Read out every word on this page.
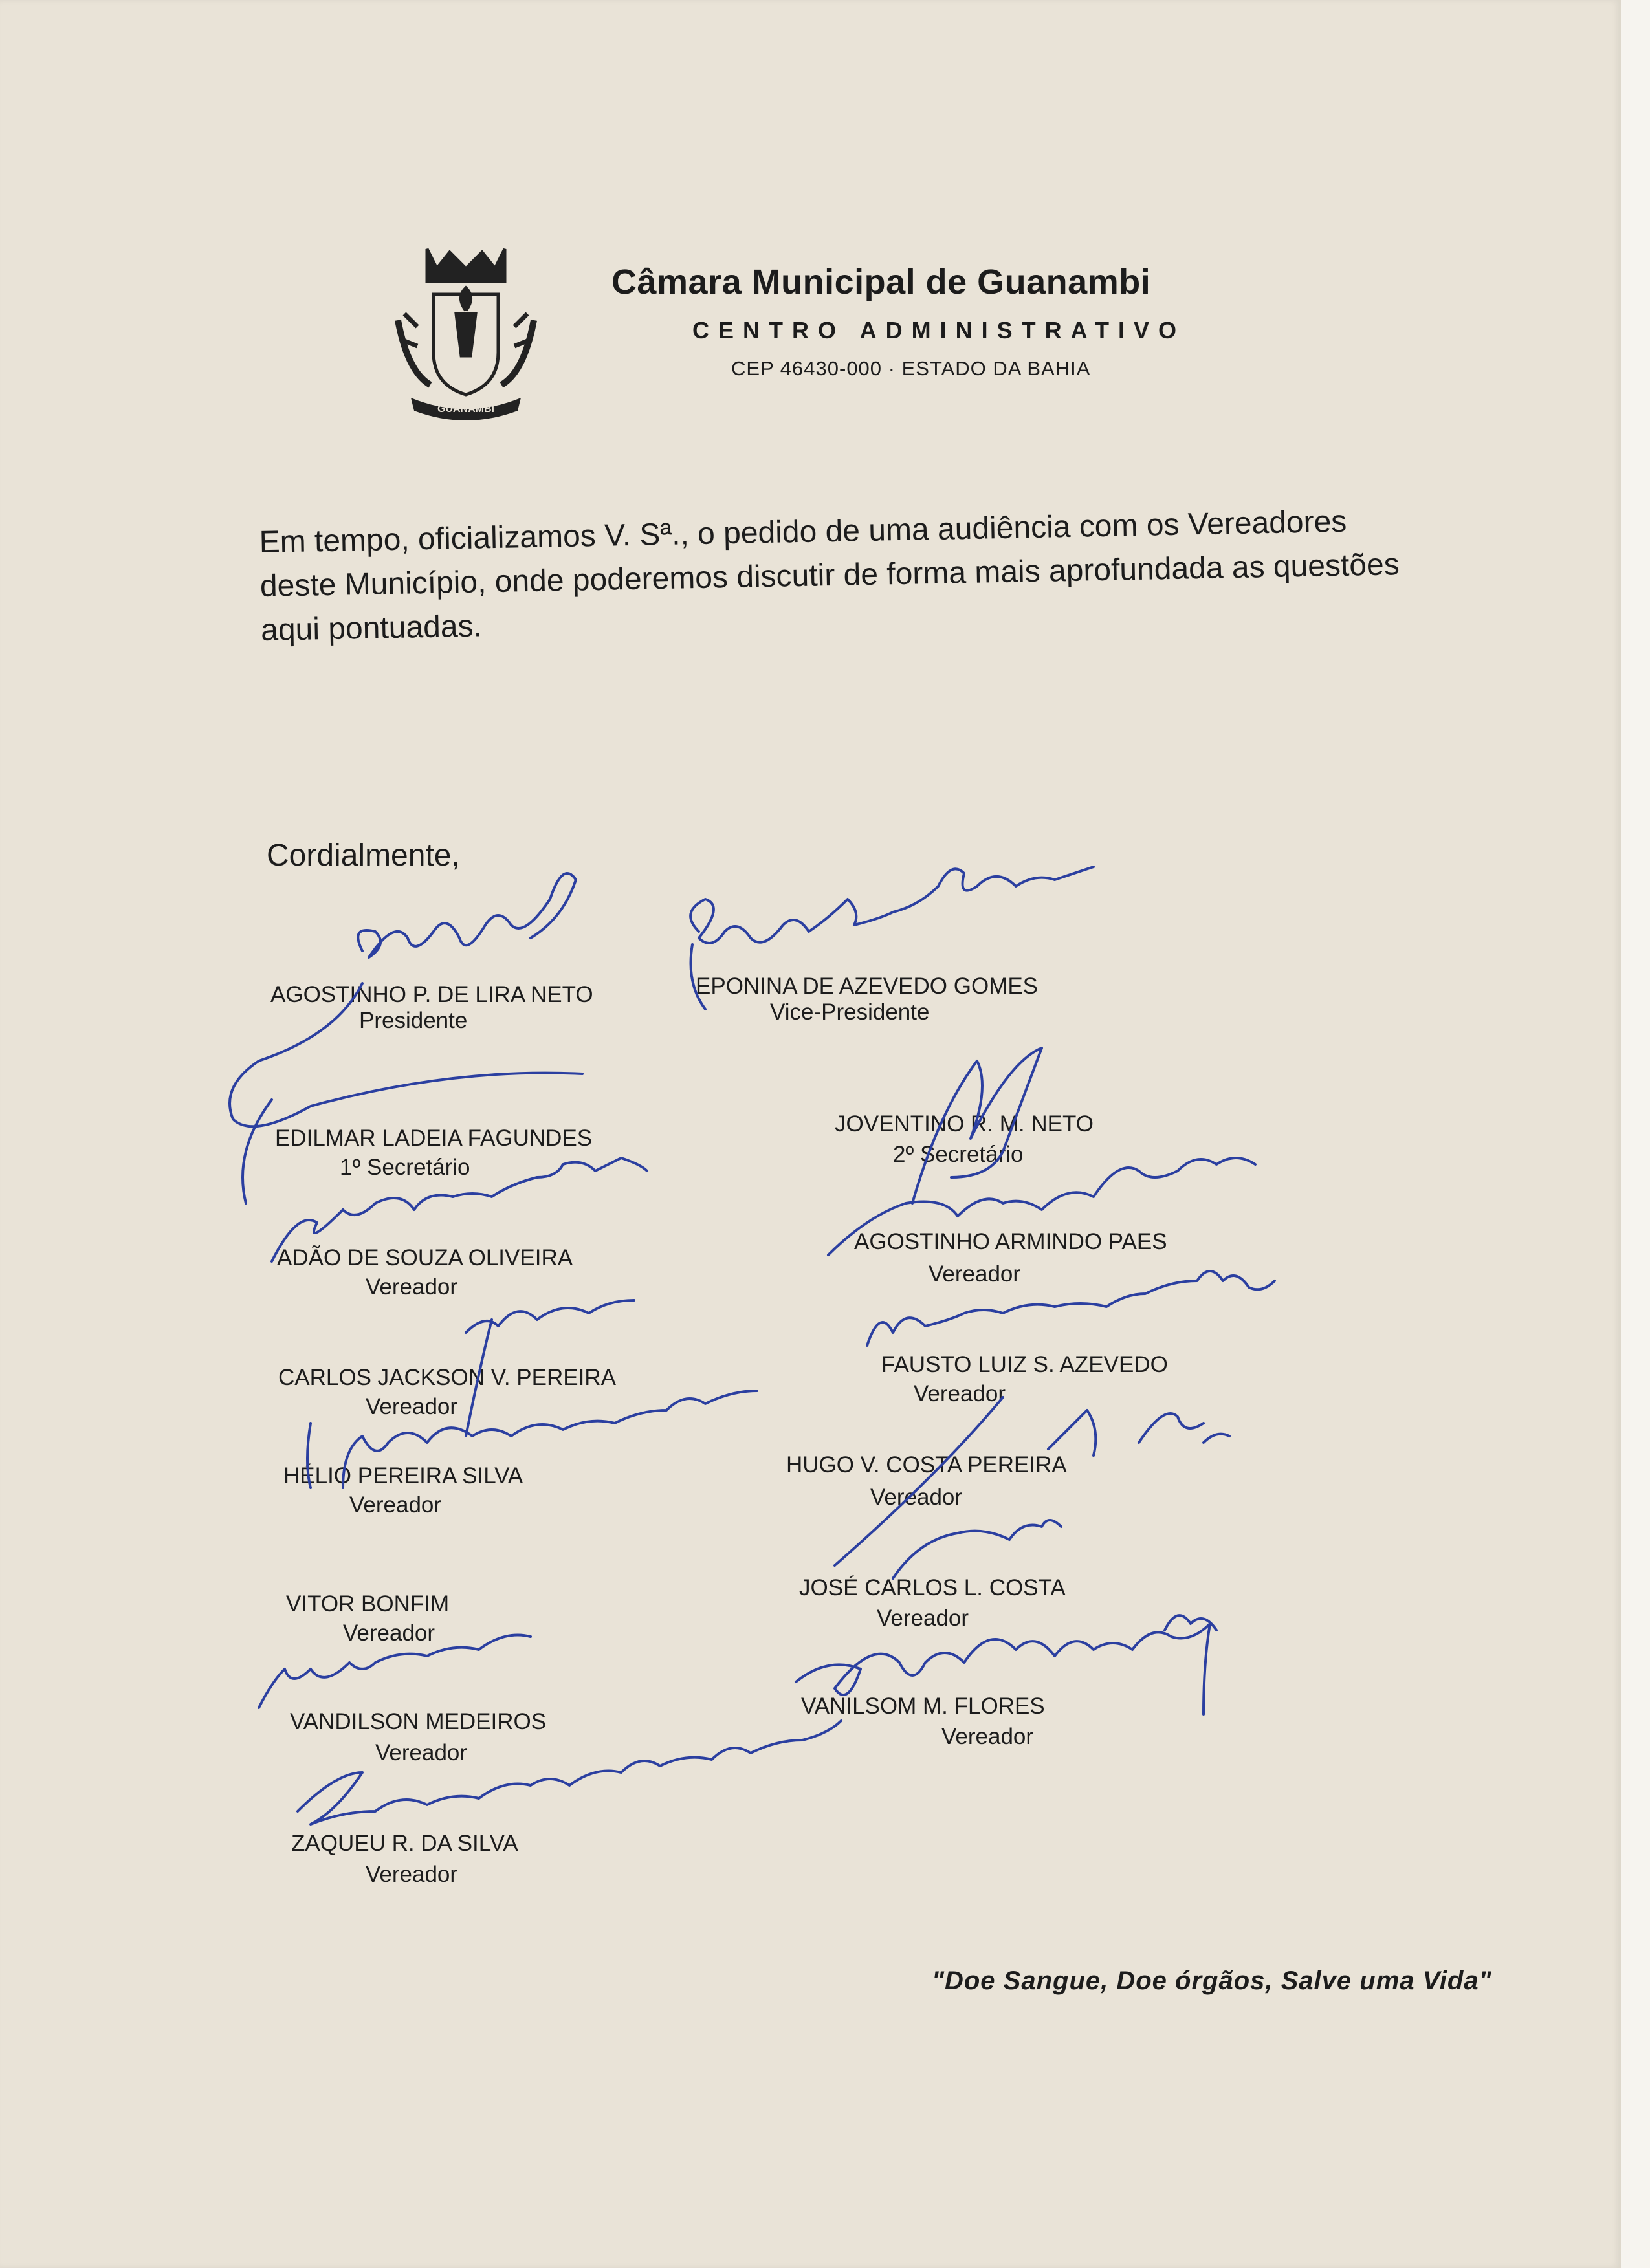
GUANAMBI
Câmara Municipal de Guanambi
CENTRO ADMINISTRATIVO
CEP 46430-000 · ESTADO DA BAHIA
Em tempo, oficializamos V. Sª., o pedido de uma audiência com os Vereadores deste Município, onde poderemos discutir de forma mais aprofundada as questões aqui pontuadas.
Cordialmente,
AGOSTINHO P. DE LIRA NETO
Presidente
EPONINA DE AZEVEDO GOMES
Vice-Presidente
EDILMAR LADEIA FAGUNDES
1º Secretário
JOVENTINO R. M. NETO
2º Secretário
ADÃO DE SOUZA OLIVEIRA
Vereador
AGOSTINHO ARMINDO PAES
Vereador
CARLOS JACKSON V. PEREIRA
Vereador
FAUSTO LUIZ S. AZEVEDO
Vereador
HÉLIO PEREIRA SILVA
Vereador
HUGO V. COSTA PEREIRA
Vereador
VITOR BONFIM
Vereador
JOSÉ CARLOS L. COSTA
Vereador
VANDILSON MEDEIROS
Vereador
VANILSOM M. FLORES
Vereador
ZAQUEU R. DA SILVA
Vereador
"Doe Sangue, Doe órgãos, Salve uma Vida"
